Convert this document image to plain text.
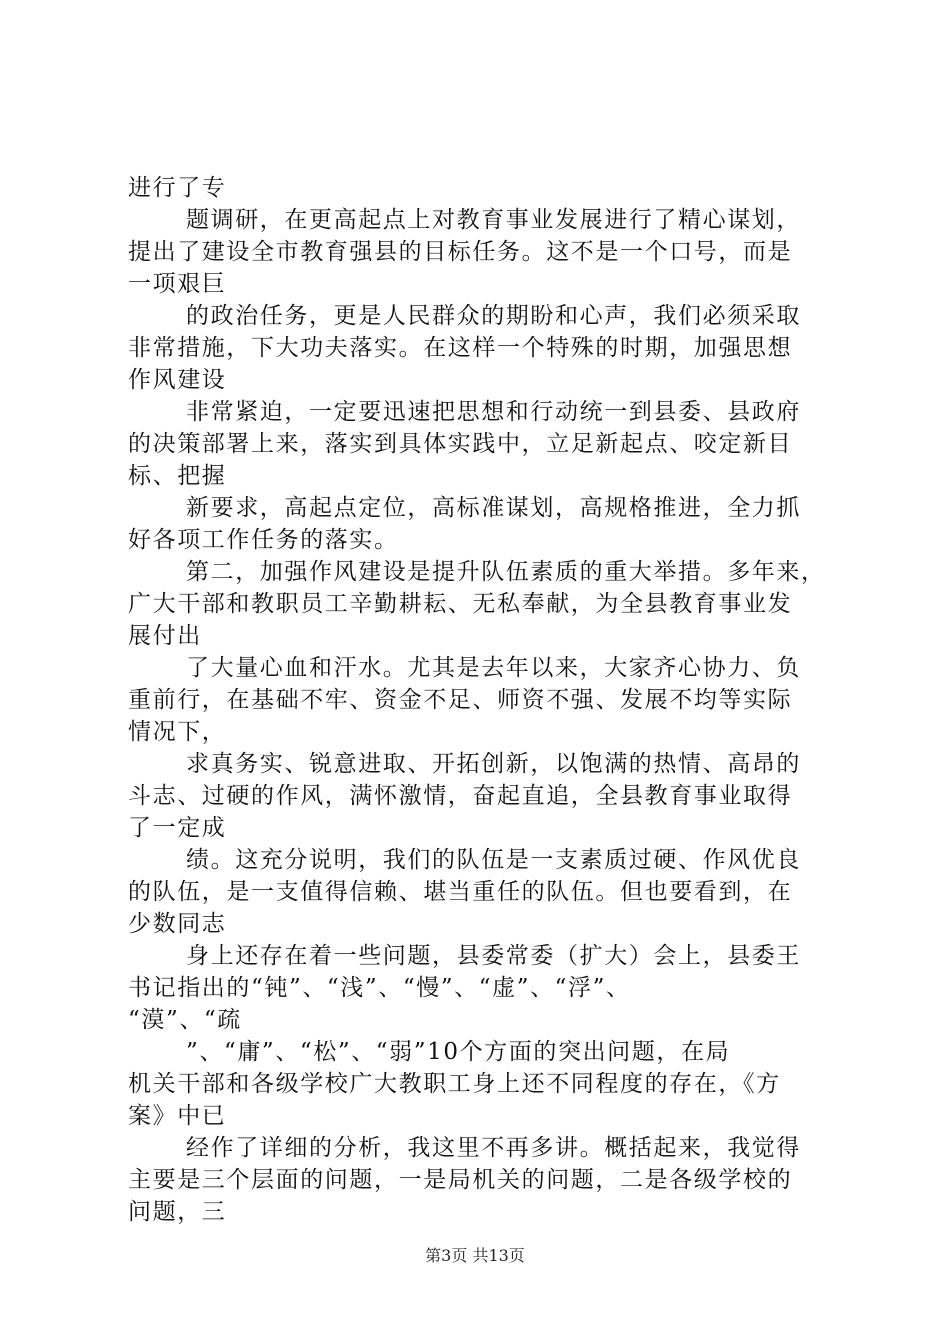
进行了专
题调研，在更高起点上对教育事业发展进行了精心谋划，
提出了建设全市教育强县的目标任务。这不是一个口号，而是
一项艰巨
的政治任务，更是人民群众的期盼和心声，我们必须采取
非常措施，下大功夫落实。在这样一个特殊的时期，加强思想
作风建设
非常紧迫，一定要迅速把思想和行动统一到县委、县政府
的决策部署上来，落实到具体实践中，立足新起点、咬定新目
标、把握
新要求，高起点定位，高标准谋划，高规格推进，全力抓
好各项工作任务的落实。
第二，加强作风建设是提升队伍素质的重大举措。多年来，
广大干部和教职员工辛勤耕耘、无私奉献，为全县教育事业发
展付出
了大量心血和汗水。尤其是去年以来，大家齐心协力、负
重前行，在基础不牢、资金不足、师资不强、发展不均等实际
情况下，
求真务实、锐意进取、开拓创新，以饱满的热情、高昂的
斗志、过硬的作风，满怀激情，奋起直追，全县教育事业取得
了一定成
绩。这充分说明，我们的队伍是一支素质过硬、作风优良
的队伍，是一支值得信赖、堪当重任的队伍。但也要看到，在
少数同志
身上还存在着一些问题，县委常委（扩大）会上，县委王
书记指出的“钝”、“浅”、“慢”、“虚”、“浮”、
“漠”、“疏
”、“庸”、“松”、“弱”10个方面的突出问题，在局
机关干部和各级学校广大教职工身上还不同程度的存在，《方
案》中已
经作了详细的分析，我这里不再多讲。概括起来，我觉得
主要是三个层面的问题，一是局机关的问题，二是各级学校的
问题，三
第3页 共13页
